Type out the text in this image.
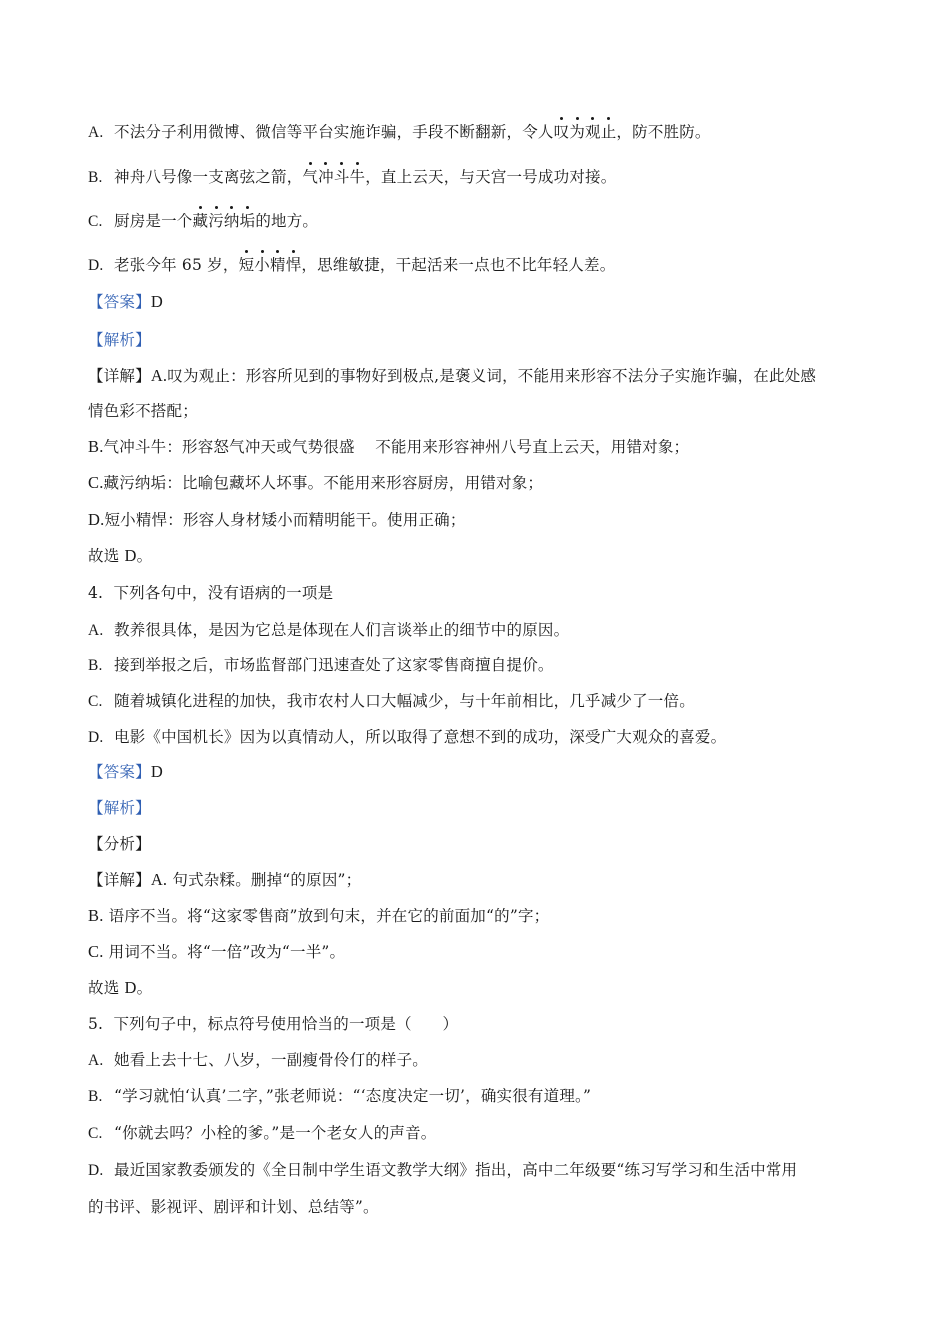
A. 不法分子利用微博、微信等平台实施诈骗，手段不断翻新，令人叹为观止，防不胜防。
B. 神舟八号像一支离弦之箭，气冲斗牛，直上云天，与天宫一号成功对接。
C. 厨房是一个藏污纳垢的地方。
D. 老张今年 65 岁，短小精悍，思维敏捷，干起活来一点也不比年轻人差。
【答案】D
【解析】
【详解】A.叹为观止：形容所见到的事物好到极点,是褒义词，不能用来形容不法分子实施诈骗，在此处感
情色彩不搭配；
B.气冲斗牛：形容怒气冲天或气势很盛    不能用来形容神州八号直上云天，用错对象；
C.藏污纳垢：比喻包藏坏人坏事。不能用来形容厨房，用错对象；
D.短小精悍：形容人身材矮小而精明能干。使用正确；
故选 D。
4.  下列各句中，没有语病的一项是
A. 教养很具体，是因为它总是体现在人们言谈举止的细节中的原因。
B. 接到举报之后，市场监督部门迅速查处了这家零售商擅自提价。
C. 随着城镇化进程的加快，我市农村人口大幅减少，与十年前相比，几乎减少了一倍。
D. 电影《中国机长》因为以真情动人，所以取得了意想不到的成功，深受广大观众的喜爱。
【答案】D
【解析】
【分析】
【详解】A. 句式杂糅。删掉“的原因”；
B. 语序不当。将“这家零售商”放到句末，并在它的前面加“的”字；
C. 用词不当。将“一倍”改为“一半”。
故选 D。
5.  下列句子中，标点符号使用恰当的一项是（      ）
A. 她看上去十七、八岁，一副瘦骨伶仃的样子。
B. “学习就怕‘认真’二字，”张老师说：“‘态度决定一切’，确实很有道理。”
C. “你就去吗？小栓的爹。”是一个老女人的声音。
D. 最近国家教委颁发的《全日制中学生语文教学大纲》指出，高中二年级要“练习写学习和生活中常用
的书评、影视评、剧评和计划、总结等”。
